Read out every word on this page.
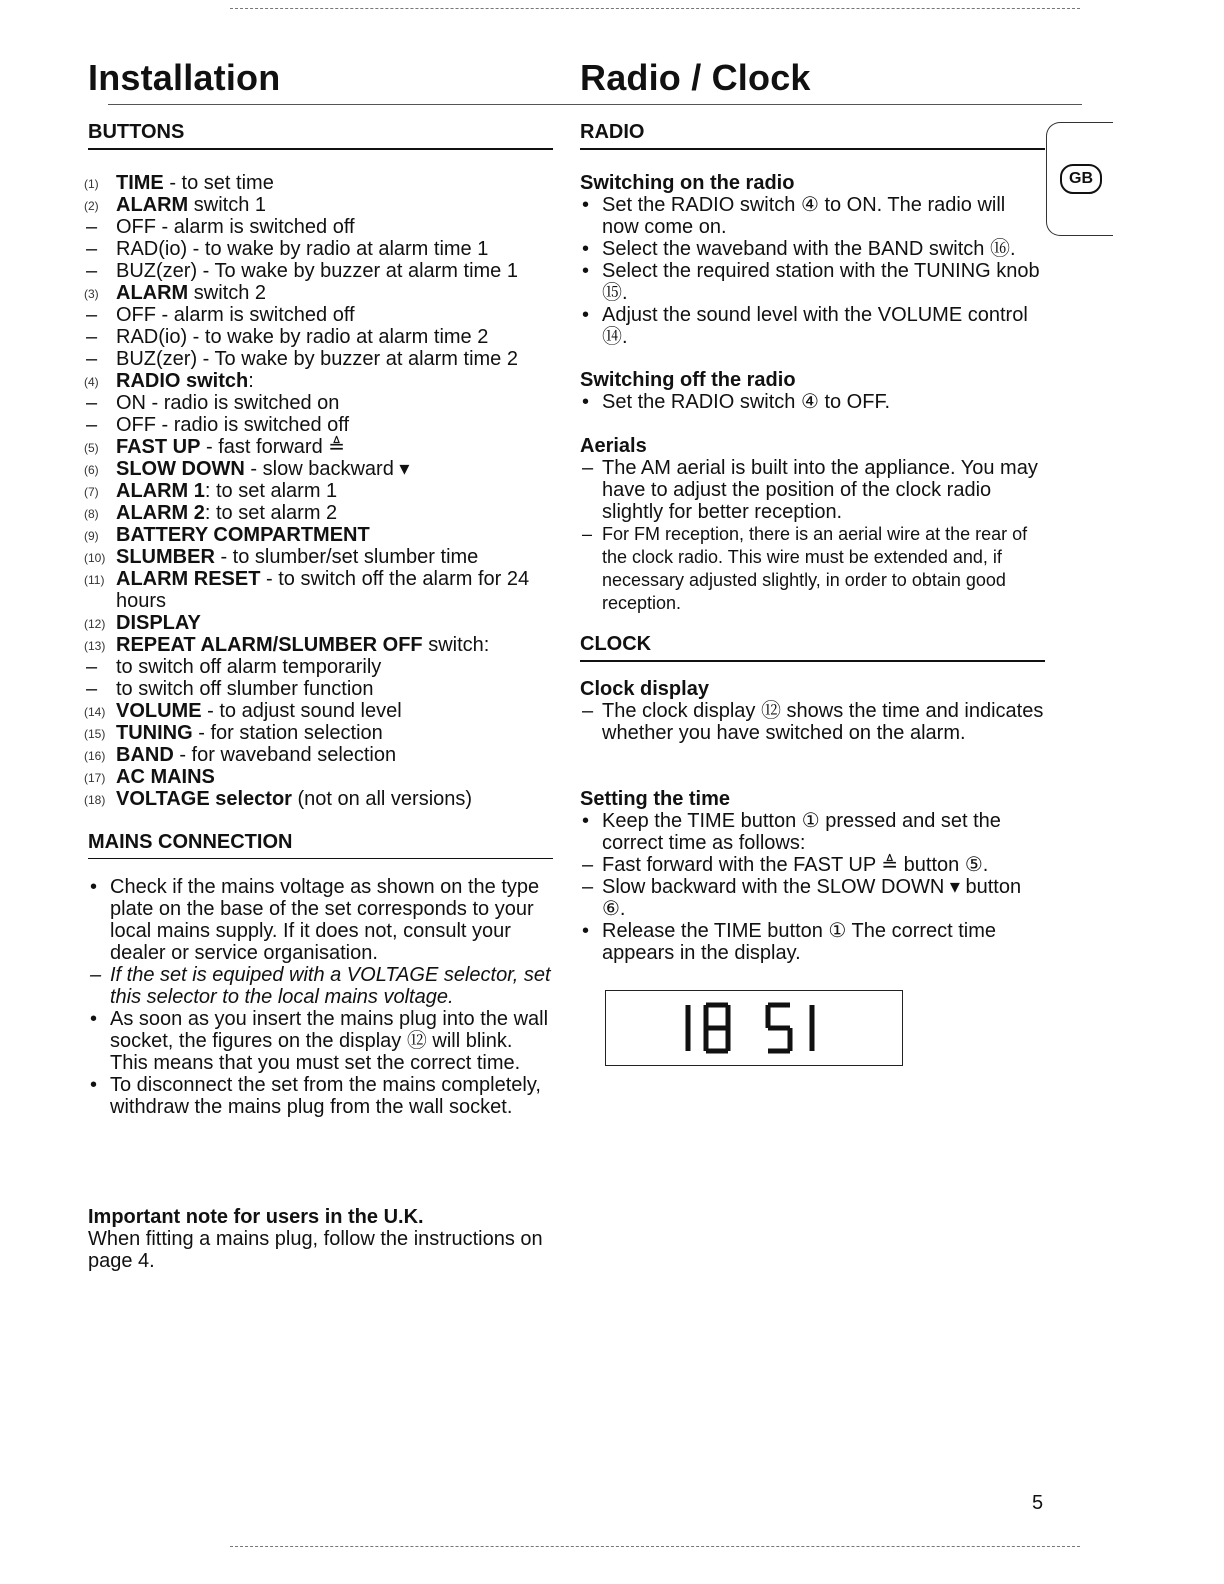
Installation	Radio / Clock
GB
BUTTONS
(1) TIME - to set time
(2) ALARM switch 1
– OFF - alarm is switched off
– RAD(io) - to wake by radio at alarm time 1
– BUZ(zer) - To wake by buzzer at alarm time 1
(3) ALARM switch 2
– OFF - alarm is switched off
– RAD(io) - to wake by radio at alarm time 2
– BUZ(zer) - To wake by buzzer at alarm time 2
(4) RADIO switch:
– ON - radio is switched on
– OFF - radio is switched off
(5) FAST UP - fast forward ≜
(6) SLOW DOWN - slow backward ▾
(7) ALARM 1: to set alarm 1
(8) ALARM 2: to set alarm 2
(9) BATTERY COMPARTMENT
(10) SLUMBER - to slumber/set slumber time
(11) ALARM RESET - to switch off the alarm for 24 hours
(12) DISPLAY
(13) REPEAT ALARM/SLUMBER OFF switch:
– to switch off alarm temporarily
– to switch off slumber function
(14) VOLUME - to adjust sound level
(15) TUNING - for station selection
(16) BAND - for waveband selection
(17) AC MAINS
(18) VOLTAGE selector (not on all versions)
MAINS CONNECTION
• Check if the mains voltage as shown on the type plate on the base of the set corresponds to your local mains supply. If it does not, consult your dealer or service organisation.
– If the set is equiped with a VOLTAGE selector, set this selector to the local mains voltage.
• As soon as you insert the mains plug into the wall socket, the figures on the display ⑫ will blink. This means that you must set the correct time.
• To disconnect the set from the mains completely, withdraw the mains plug from the wall socket.

Important note for users in the U.K.

When fitting a mains plug, follow the instructions on page 4.
RADIO

Switching on the radio

• Set the RADIO switch ④ to ON. The radio will now come on.
• Select the waveband with the BAND switch ⑯.
• Select the required station with the TUNING knob ⑮.
• Adjust the sound level with the VOLUME control ⑭.

Switching off the radio

• Set the RADIO switch ④ to OFF.

Aerials

– The AM aerial is built into the appliance. You may have to adjust the position of the clock radio slightly for better reception.
– For FM reception, there is an aerial wire at the rear of the clock radio. This wire must be extended and, if necessary adjusted slightly, in order to obtain good reception.
CLOCK

Clock display

– The clock display ⑫ shows the time and indicates whether you have switched on the alarm.

Setting the time

• Keep the TIME button ① pressed and set the correct time as follows:
– Fast forward with the FAST UP ≜ button ⑤.
– Slow backward with the SLOW DOWN ▾ button ⑥.
• Release the TIME button ① The correct time appears in the display.
5
